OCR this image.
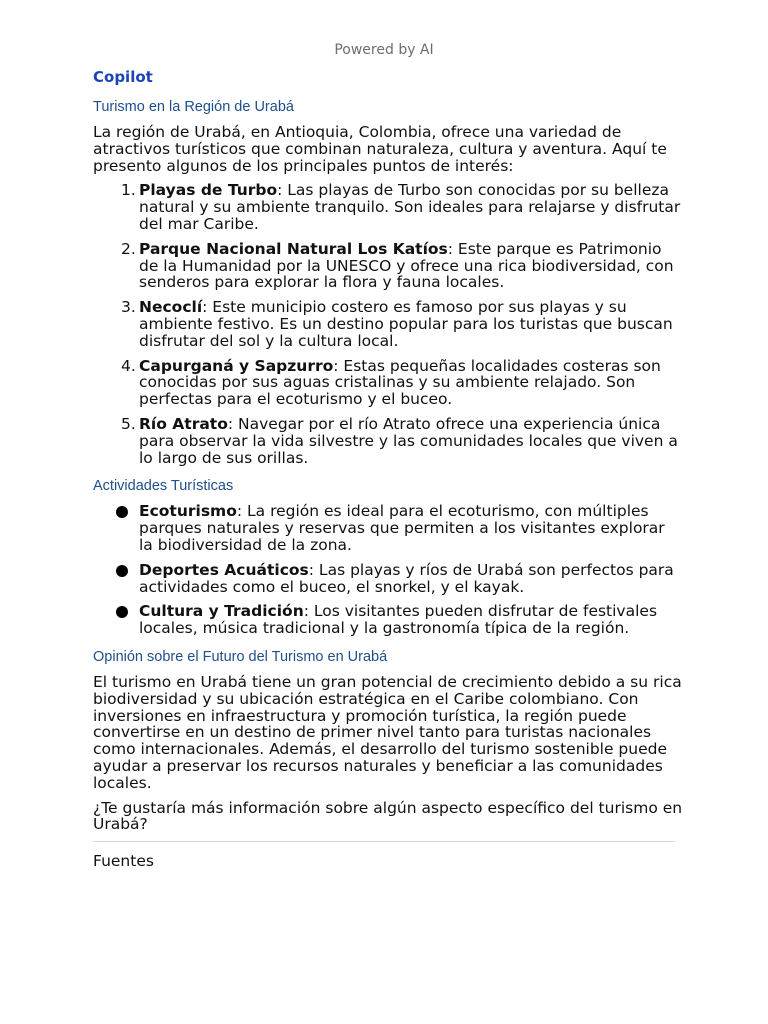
Powered by AI
Copilot
Turismo en la Región de Urabá
La región de Urabá, en Antioquia, Colombia, ofrece una variedad de atractivos turísticos que combinan naturaleza, cultura y aventura. Aquí te presento algunos de los principales puntos de interés:
1. Playas de Turbo: Las playas de Turbo son conocidas por su belleza natural y su ambiente tranquilo. Son ideales para relajarse y disfrutar del mar Caribe.
2. Parque Nacional Natural Los Katíos: Este parque es Patrimonio de la Humanidad por la UNESCO y ofrece una rica biodiversidad, con senderos para explorar la flora y fauna locales.
3. Necoclí: Este municipio costero es famoso por sus playas y su ambiente festivo. Es un destino popular para los turistas que buscan disfrutar del sol y la cultura local.
4. Capurganá y Sapzurro: Estas pequeñas localidades costeras son conocidas por sus aguas cristalinas y su ambiente relajado. Son perfectas para el ecoturismo y el buceo.
5. Río Atrato: Navegar por el río Atrato ofrece una experiencia única para observar la vida silvestre y las comunidades locales que viven a lo largo de sus orillas.
Actividades Turísticas
Ecoturismo: La región es ideal para el ecoturismo, con múltiples parques naturales y reservas que permiten a los visitantes explorar la biodiversidad de la zona.
Deportes Acuáticos: Las playas y ríos de Urabá son perfectos para actividades como el buceo, el snorkel, y el kayak.
Cultura y Tradición: Los visitantes pueden disfrutar de festivales locales, música tradicional y la gastronomía típica de la región.
Opinión sobre el Futuro del Turismo en Urabá
El turismo en Urabá tiene un gran potencial de crecimiento debido a su rica biodiversidad y su ubicación estratégica en el Caribe colombiano. Con inversiones en infraestructura y promoción turística, la región puede convertirse en un destino de primer nivel tanto para turistas nacionales como internacionales. Además, el desarrollo del turismo sostenible puede ayudar a preservar los recursos naturales y beneficiar a las comunidades locales.
¿Te gustaría más información sobre algún aspecto específico del turismo en Urabá?
Fuentes
